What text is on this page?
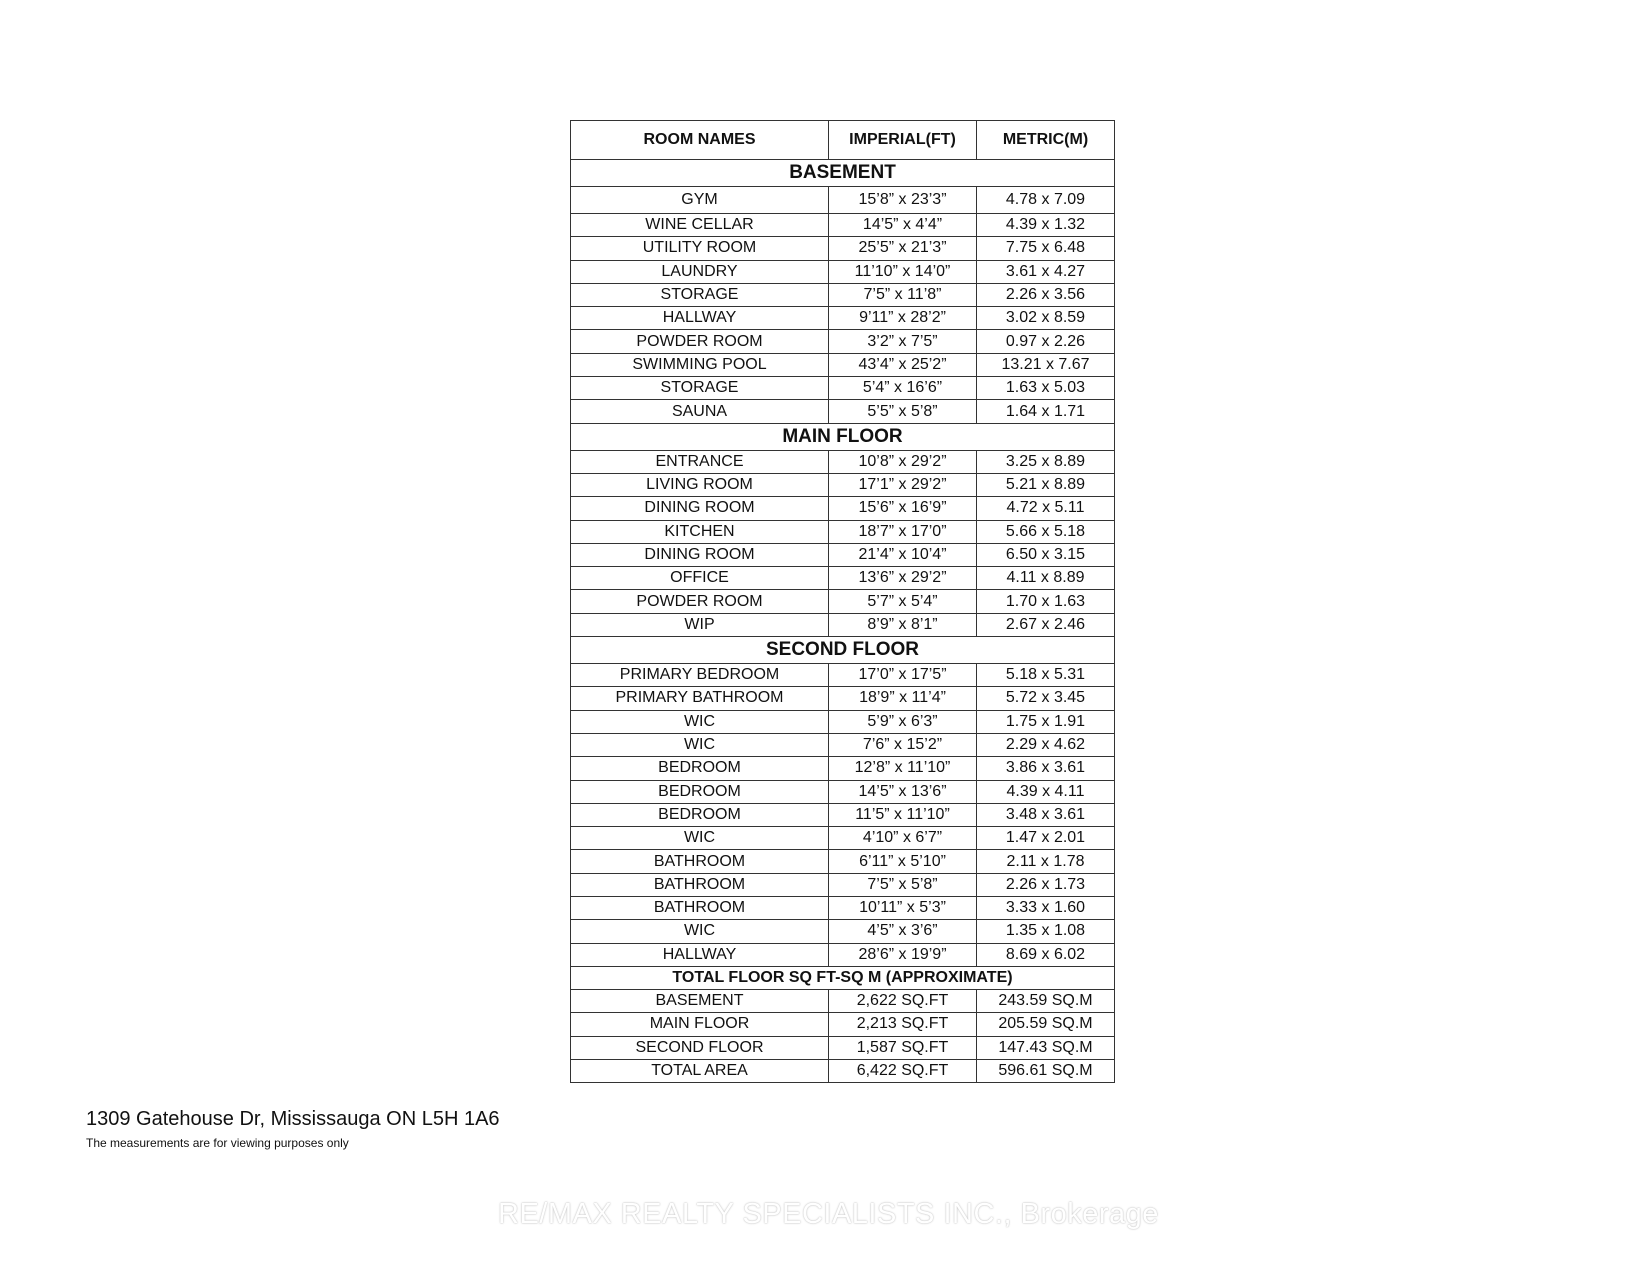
ROOM NAMES	IMPERIAL(FT)	METRIC(M)
BASEMENT		
GYM	15’8” x 23’3”	4.78 x 7.09
WINE CELLAR	14’5” x 4’4”	4.39 x 1.32
UTILITY ROOM	25’5” x 21’3”	7.75 x 6.48
LAUNDRY	11’10” x 14’0”	3.61 x 4.27
STORAGE	7’5” x 11’8”	2.26 x 3.56
HALLWAY	9’11” x 28’2”	3.02 x 8.59
POWDER ROOM	3’2” x 7’5”	0.97 x 2.26
SWIMMING POOL	43’4” x 25’2”	13.21 x 7.67
STORAGE	5’4” x 16’6”	1.63 x 5.03
SAUNA	5’5” x 5’8”	1.64 x 1.71
MAIN FLOOR		
ENTRANCE	10’8” x 29’2”	3.25 x 8.89
LIVING ROOM	17’1” x 29’2”	5.21 x 8.89
DINING ROOM	15’6” x 16’9”	4.72 x 5.11
KITCHEN	18’7” x 17’0”	5.66 x 5.18
DINING ROOM	21’4” x 10’4”	6.50 x 3.15
OFFICE	13’6” x 29’2”	4.11 x 8.89
POWDER ROOM	5’7” x 5’4”	1.70 x 1.63
WIP	8’9” x 8’1”	2.67 x 2.46
SECOND FLOOR		
PRIMARY BEDROOM	17’0” x 17’5”	5.18 x 5.31
PRIMARY BATHROOM	18’9” x 11’4”	5.72 x 3.45
WIC	5’9” x 6’3”	1.75 x 1.91
WIC	7’6” x 15’2”	2.29 x 4.62
BEDROOM	12’8” x 11’10”	3.86 x 3.61
BEDROOM	14’5” x 13’6”	4.39 x 4.11
BEDROOM	11’5” x 11’10”	3.48 x 3.61
WIC	4’10” x 6’7”	1.47 x 2.01
BATHROOM	6’11” x 5’10”	2.11 x 1.78
BATHROOM	7’5” x 5’8”	2.26 x 1.73
BATHROOM	10’11” x 5’3”	3.33 x 1.60
WIC	4’5” x 3’6”	1.35 x 1.08
HALLWAY	28’6” x 19’9”	8.69 x 6.02
TOTAL FLOOR SQ FT-SQ M (APPROXIMATE)		
BASEMENT	2,622 SQ.FT	243.59 SQ.M
MAIN FLOOR	2,213 SQ.FT	205.59 SQ.M
SECOND FLOOR	1,587 SQ.FT	147.43 SQ.M
TOTAL AREA	6,422 SQ.FT	596.61 SQ.M
1309 Gatehouse Dr, Mississauga ON L5H 1A6
The measurements are for viewing purposes only
RE/MAX REALTY SPECIALISTS INC., Brokerage
